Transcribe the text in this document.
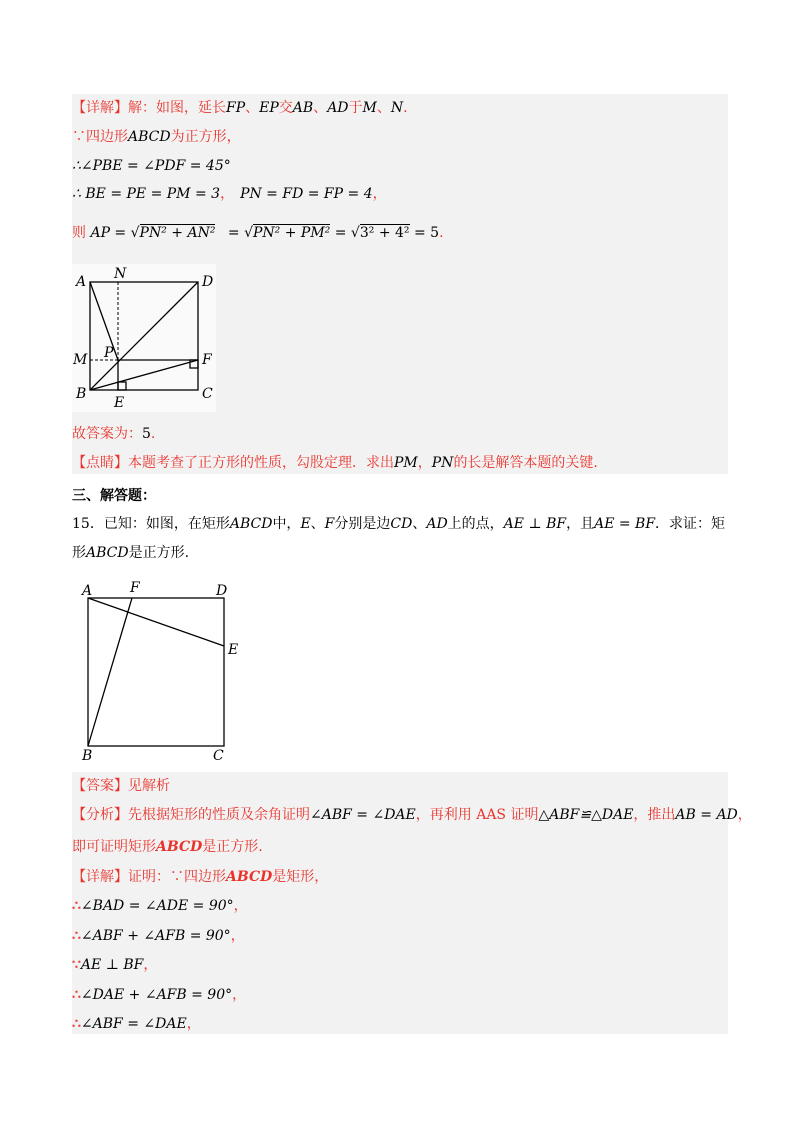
【详解】解：如图，延长FP、EP交AB、AD于M、N.
∵四边形ABCD为正方形，
∴∠PBE = ∠PDF = 45°
∴ BE = PE = PM = 3， PN = FD = FP = 4，
则 AP = √PN² + AN² = √PN² + PM² = √3² + 4² = 5.
A N	D
M P	F
B
E
C
故答案为：5.
【点睛】本题考查了正方形的性质，勾股定理．求出PM，PN的长是解答本题的关键.
三、解答题：
15．已知：如图，在矩形ABCD中，E、F分别是边CD、AD上的点，AE ⊥ BF，且AE = BF．求证：矩
形ABCD是正方形.
A	F	D
E
B	C
【答案】见解析
【分析】先根据矩形的性质及余角证明∠ABF = ∠DAE，再利用 AAS 证明△ABF≌△DAE，推出AB = AD，
即可证明矩形ABCD是正方形.
【详解】证明：∵四边形ABCD是矩形，
∴∠BAD = ∠ADE = 90°，
∴∠ABF + ∠AFB = 90°，
∵AE ⊥ BF，
∴∠DAE + ∠AFB = 90°，
∴∠ABF = ∠DAE，
